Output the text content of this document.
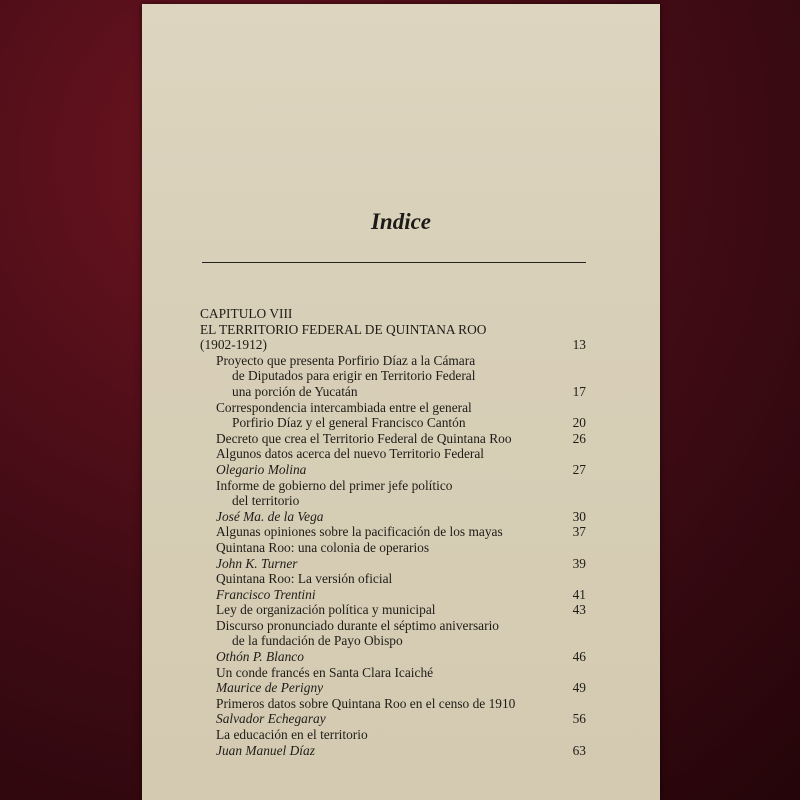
Indice
CAPITULO VIII
EL TERRITORIO FEDERAL DE QUINTANA ROO
(1902-1912)	13
Proyecto que presenta Porfirio Díaz a la Cámara
de Diputados para erigir en Territorio Federal
una porción de Yucatán	17
Correspondencia intercambiada entre el general
Porfirio Díaz y el general Francisco Cantón	20
Decreto que crea el Territorio Federal de Quintana Roo	26
Algunos datos acerca del nuevo Territorio Federal
Olegario Molina	27
Informe de gobierno del primer jefe político
del territorio
José Ma. de la Vega	30
Algunas opiniones sobre la pacificación de los mayas	37
Quintana Roo: una colonia de operarios
John K. Turner	39
Quintana Roo: La versión oficial
Francisco Trentini	41
Ley de organización política y municipal	43
Discurso pronunciado durante el séptimo aniversario
de la fundación de Payo Obispo
Othón P. Blanco	46
Un conde francés en Santa Clara Icaiché
Maurice de Perigny	49
Primeros datos sobre Quintana Roo en el censo de 1910
Salvador Echegaray	56
La educación en el territorio
Juan Manuel Díaz	63
